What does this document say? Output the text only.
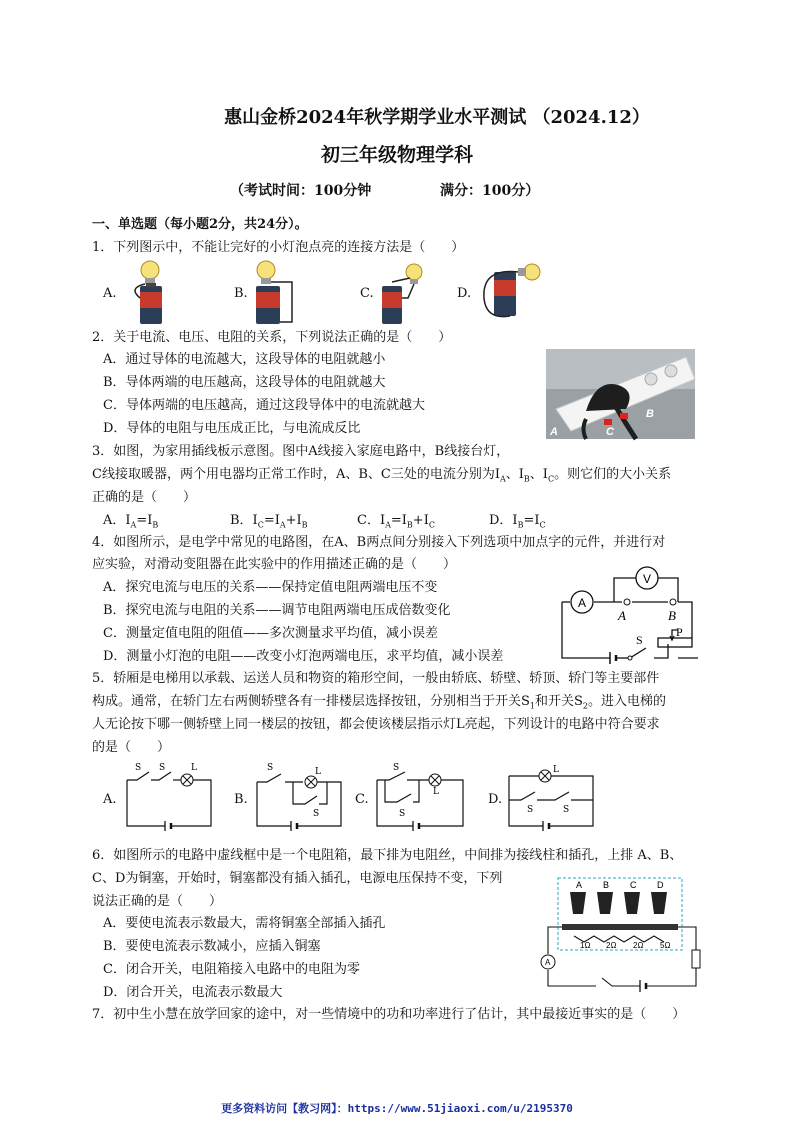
惠山金桥2024年秋学期学业水平测试 （2024.12）
初三年级物理学科
（考试时间：100分钟	满分：100分）
一、单选题（每小题2分，共24分）。
1．下列图示中，不能让完好的小灯泡点亮的连接方法是（　　）
A.	B.	C.	D.
2．关于电流、电压、电阻的关系，下列说法正确的是（　　）
A．通过导体的电流越大，这段导体的电阻就越小
B．导体两端的电压越高，这段导体的电阻就越大
C．导体两端的电压越高，通过这段导体中的电流就越大
D．导体的电阻与电压成正比，与电流成反比
B
C
A
3．如图，为家用插线板示意图。图中A线接入家庭电路中，B线接台灯，
C线接取暖器，两个用电器均正常工作时，A、B、C三处的电流分别为$I_A$、$I_B$、$I_C$。则它们的大小关系
正确的是（　　）
A．$I_A=I_B$	B．$I_C=I_A+I_B$	C．$I_A=I_B+I_C$	D．$I_B=I_C$
4．如图所示，是电学中常见的电路图，在A、B两点间分别接入下列选项中加点字的元件，并进行对
应实验，对滑动变阻器在此实验中的作用描述正确的是（　　）
A．探究电流与电压的关系——保持定值电阻两端电压不变
B．探究电流与电阻的关系——调节电阻两端电压成倍数变化
C．测量定值电阻的阻值——多次测量求平均值，减小误差
D．测量小灯泡的电阻——改变小灯泡两端电压，求平均值，减小误差
A
V
A	B
S
P
5．轿厢是电梯用以承载、运送人员和物资的箱形空间，一般由轿底、轿壁、轿顶、轿门等主要部件
构成。通常，在轿门左右两侧轿壁各有一排楼层选择按钮，分别相当于开关$S_1$和开关$S_2$。进入电梯的
人无论按下哪一侧轿壁上同一楼层的按钮，都会使该楼层指示灯L亮起，下列设计的电路中符合要求
的是（　　）
A.	B.	C.	D.
S S	L	S	L
S
S
L
S
L
S	S
6．如图所示的电路中虚线框中是一个电阻箱，最下排为电阻丝，中间排为接线柱和插孔，上排 A、B、
C、D为铜塞，开始时，铜塞都没有插入插孔，电源电压保持不变，下列
说法正确的是（　　）
A．要使电流表示数最大，需将铜塞全部插入插孔
B．要使电流表示数减小，应插入铜塞
C．闭合开关，电阻箱接入电路中的电阻为零
D．闭合开关，电流表示数最大
A B C D
1Ω 2Ω 2Ω 5Ω
A
7．初中生小慧在放学回家的途中，对一些情境中的功和功率进行了估计，其中最接近事实的是（　　）
更多资料访问【教习网】：https://www.51jiaoxi.com/u/2195370
